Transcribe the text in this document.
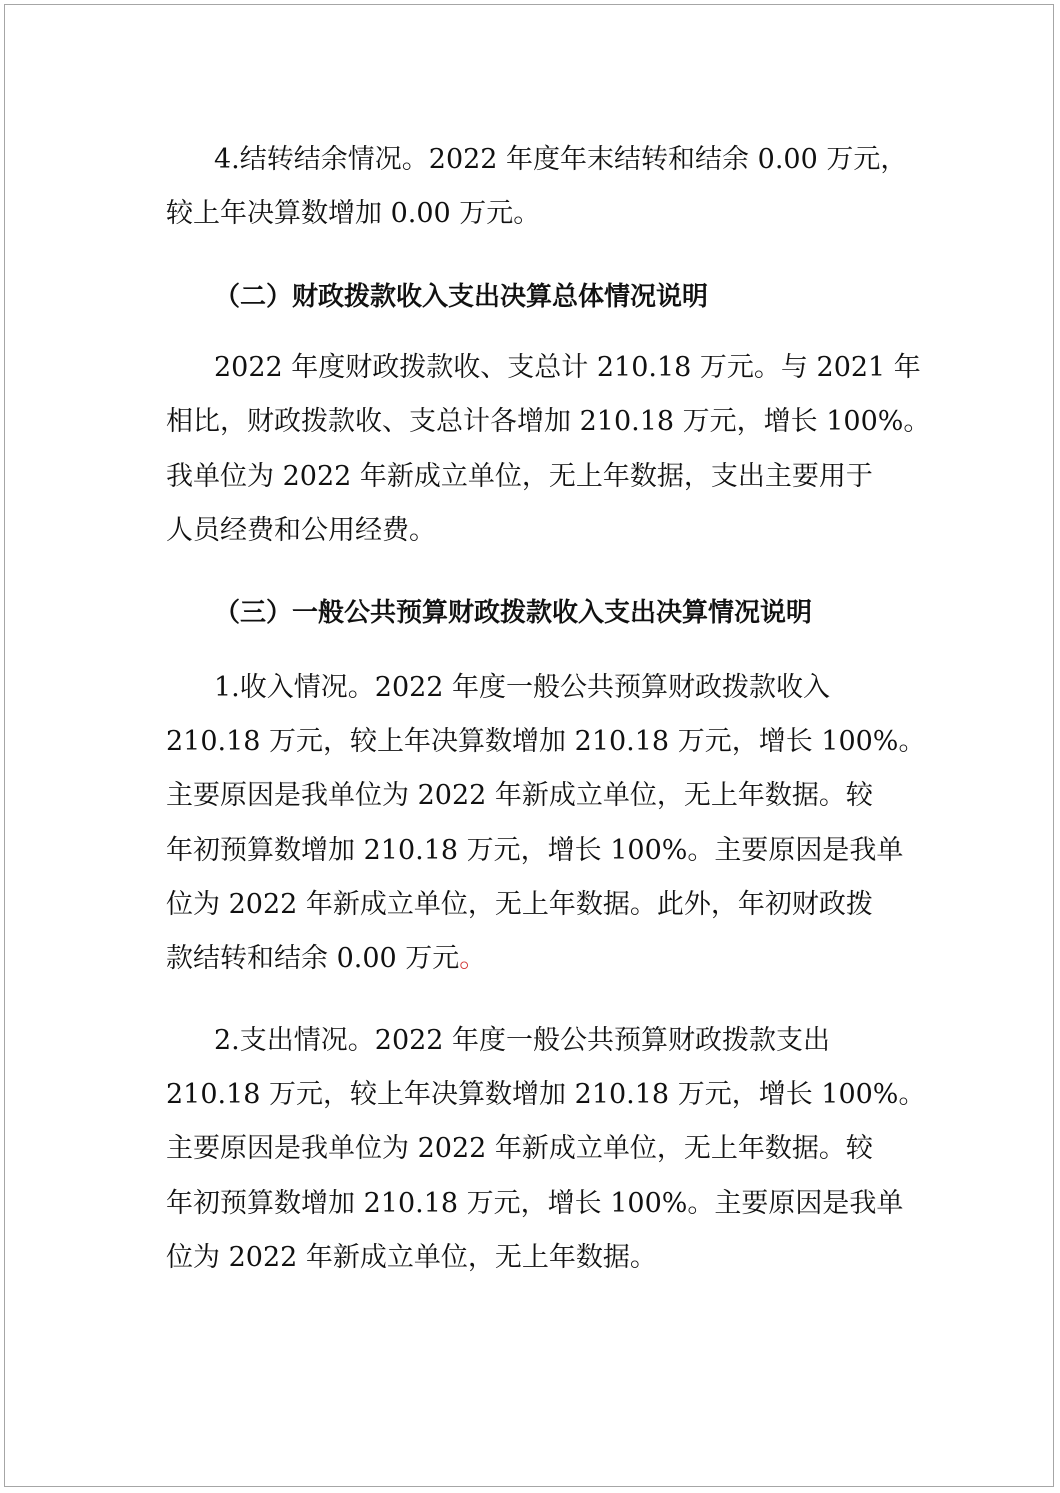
4.结转结余情况。2022 年度年末结转和结余 0.00 万元，
较上年决算数增加 0.00 万元。
（二）财政拨款收入支出决算总体情况说明
2022 年度财政拨款收、支总计 210.18 万元。与 2021 年
相比，财政拨款收、支总计各增加 210.18 万元，增长 100%。
我单位为 2022 年新成立单位，无上年数据，支出主要用于
人员经费和公用经费。
（三）一般公共预算财政拨款收入支出决算情况说明
1.收入情况。2022 年度一般公共预算财政拨款收入
210.18 万元，较上年决算数增加 210.18 万元，增长 100%。
主要原因是我单位为 2022 年新成立单位，无上年数据。较
年初预算数增加 210.18 万元，增长 100%。主要原因是我单
位为 2022 年新成立单位，无上年数据。此外，年初财政拨
款结转和结余 0.00 万元。
2.支出情况。2022 年度一般公共预算财政拨款支出
210.18 万元，较上年决算数增加 210.18 万元，增长 100%。
主要原因是我单位为 2022 年新成立单位，无上年数据。较
年初预算数增加 210.18 万元，增长 100%。主要原因是我单
位为 2022 年新成立单位，无上年数据。
